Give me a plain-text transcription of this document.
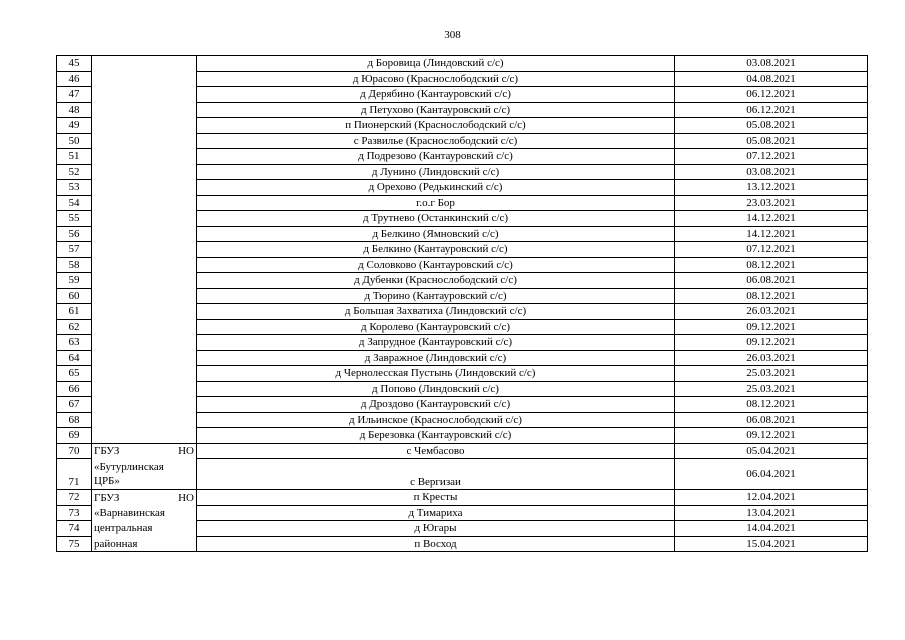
308
45		д Боровица (Линдовский с/с)	03.08.2021
46		д Юрасово (Краснослободский с/с)	04.08.2021
47		д Дерябино (Кантауровский с/с)	06.12.2021
48		д Петухово (Кантауровский с/с)	06.12.2021
49		п Пионерский (Краснослободский с/с)	05.08.2021
50		с Развилье (Краснослободский с/с)	05.08.2021
51		д Подрезово (Кантауровский с/с)	07.12.2021
52		д Лунино (Линдовский с/с)	03.08.2021
53		д Орехово (Редькинский с/с)	13.12.2021
54		г.о.г Бор	23.03.2021
55		д Трутнево (Останкинский с/с)	14.12.2021
56		д Белкино (Ямновский с/с)	14.12.2021
57		д Белкино (Кантауровский с/с)	07.12.2021
58		д Соловково (Кантауровский с/с)	08.12.2021
59		д Дубенки (Краснослободский с/с)	06.08.2021
60		д Тюрино (Кантауровский с/с)	08.12.2021
61		д Большая Захватиха (Линдовский с/с)	26.03.2021
62		д Королево (Кантауровский с/с)	09.12.2021
63		д Запрудное (Кантауровский с/с)	09.12.2021
64		д Завражное (Линдовский с/с)	26.03.2021
65		д Чернолесская Пустынь (Линдовский с/с)	25.03.2021
66		д Попово (Линдовский с/с)	25.03.2021
67		д Дроздово (Кантауровский с/с)	08.12.2021
68		д Ильинское (Краснослободский с/с)	06.08.2021
69		д Березовка (Кантауровский с/с)	09.12.2021
70	ГБУЗ НО	с Чембасово	05.04.2021
71	«Бутурлинская
ЦРБ»	с Вергизаи	06.04.2021
72	ГБУЗ НО	п Кресты	12.04.2021
73	«Варнавинская	д Тимариха	13.04.2021
74	центральная	д Югары	14.04.2021
75	районная	п Восход	15.04.2021
